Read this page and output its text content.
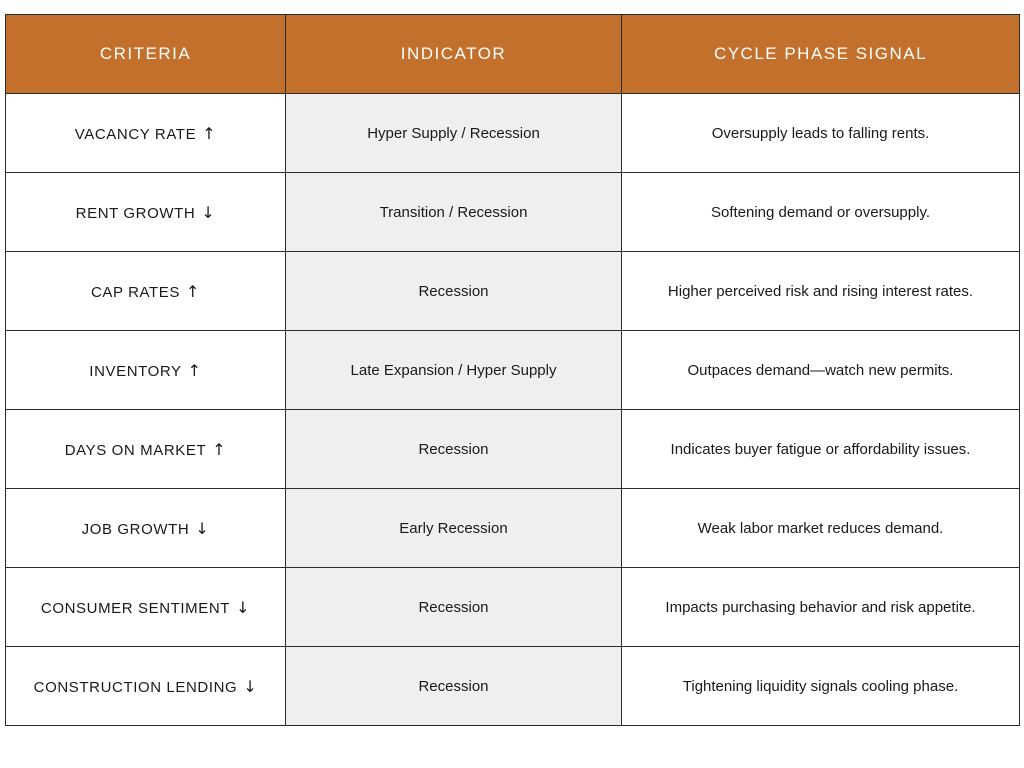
CRITERIA	INDICATOR	CYCLE PHASE SIGNAL
VACANCY RATE ↑	Hyper Supply / Recession	Oversupply leads to falling rents.
RENT GROWTH ↓	Transition / Recession	Softening demand or oversupply.
CAP RATES ↑	Recession	Higher perceived risk and rising interest rates.
INVENTORY ↑	Late Expansion / Hyper Supply	Outpaces demand—watch new permits.
DAYS ON MARKET ↑	Recession	Indicates buyer fatigue or affordability issues.
JOB GROWTH ↓	Early Recession	Weak labor market reduces demand.
CONSUMER SENTIMENT ↓	Recession	Impacts purchasing behavior and risk appetite.
CONSTRUCTION LENDING ↓	Recession	Tightening liquidity signals cooling phase.
